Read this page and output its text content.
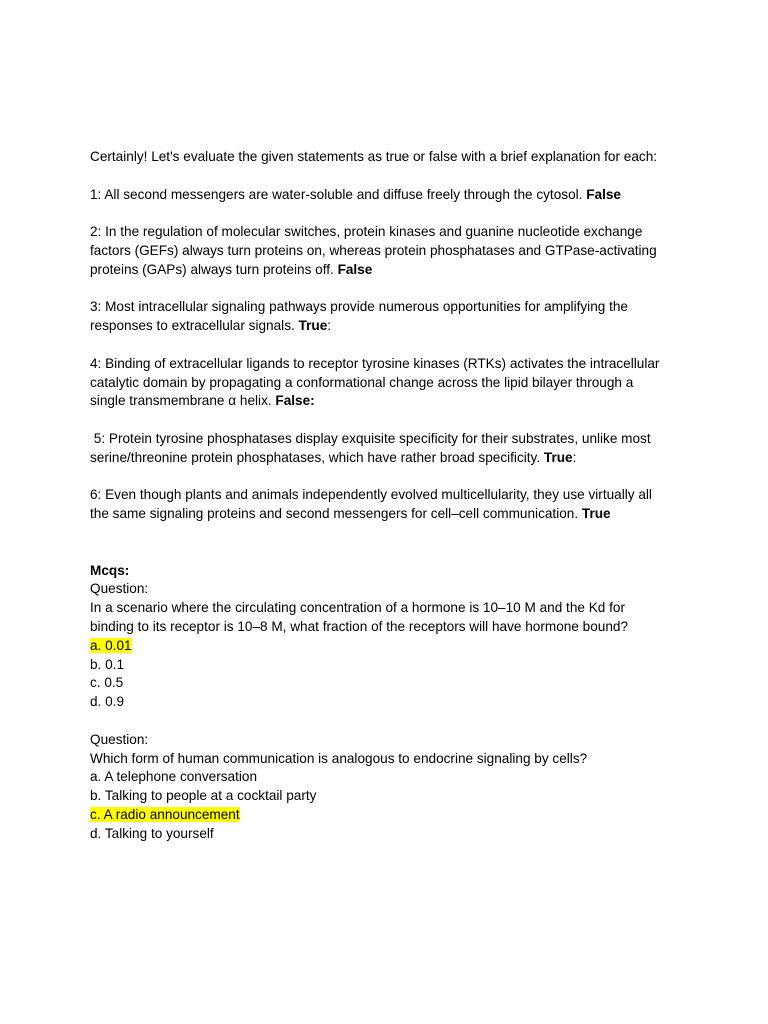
Certainly! Let's evaluate the given statements as true or false with a brief explanation for each:
1: All second messengers are water-soluble and diffuse freely through the cytosol. False
2: In the regulation of molecular switches, protein kinases and guanine nucleotide exchange
factors (GEFs) always turn proteins on, whereas protein phosphatases and GTPase-activating
proteins (GAPs) always turn proteins off. False
3: Most intracellular signaling pathways provide numerous opportunities for amplifying the
responses to extracellular signals. True:
4: Binding of extracellular ligands to receptor tyrosine kinases (RTKs) activates the intracellular
catalytic domain by propagating a conformational change across the lipid bilayer through a
single transmembrane α helix. False:
5: Protein tyrosine phosphatases display exquisite specificity for their substrates, unlike most
serine/threonine protein phosphatases, which have rather broad specificity. True:
6: Even though plants and animals independently evolved multicellularity, they use virtually all
the same signaling proteins and second messengers for cell–cell communication. True
Mcqs:
Question:
In a scenario where the circulating concentration of a hormone is 10–10 M and the Kd for
binding to its receptor is 10–8 M, what fraction of the receptors will have hormone bound?
a. 0.01
b. 0.1
c. 0.5
d. 0.9
Question:
Which form of human communication is analogous to endocrine signaling by cells?
a. A telephone conversation
b. Talking to people at a cocktail party
c. A radio announcement
d. Talking to yourself
